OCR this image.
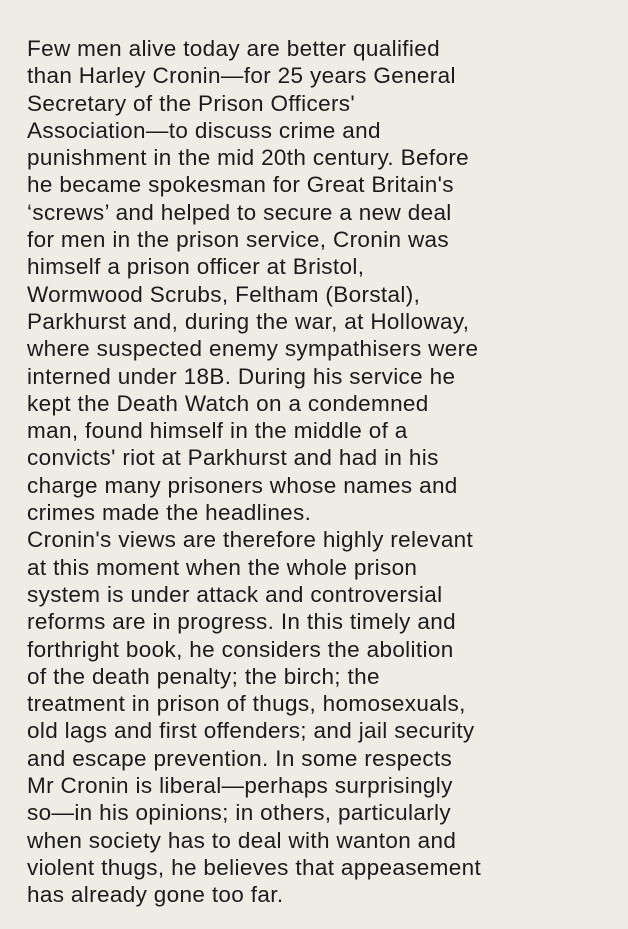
Few men alive today are better qualified
than Harley Cronin—for 25 years General
Secretary of the Prison Officers'
Association—to discuss crime and
punishment in the mid 20th century. Before
he became spokesman for Great Britain's
‘screws’ and helped to secure a new deal
for men in the prison service, Cronin was
himself a prison officer at Bristol,
Wormwood Scrubs, Feltham (Borstal),
Parkhurst and, during the war, at Holloway,
where suspected enemy sympathisers were
interned under 18B. During his service he
kept the Death Watch on a condemned
man, found himself in the middle of a
convicts' riot at Parkhurst and had in his
charge many prisoners whose names and
crimes made the headlines.
Cronin's views are therefore highly relevant
at this moment when the whole prison
system is under attack and controversial
reforms are in progress. In this timely and
forthright book, he considers the abolition
of the death penalty; the birch; the
treatment in prison of thugs, homosexuals,
old lags and first offenders; and jail security
and escape prevention. In some respects
Mr Cronin is liberal—perhaps surprisingly
so—in his opinions; in others, particularly
when society has to deal with wanton and
violent thugs, he believes that appeasement
has already gone too far.
